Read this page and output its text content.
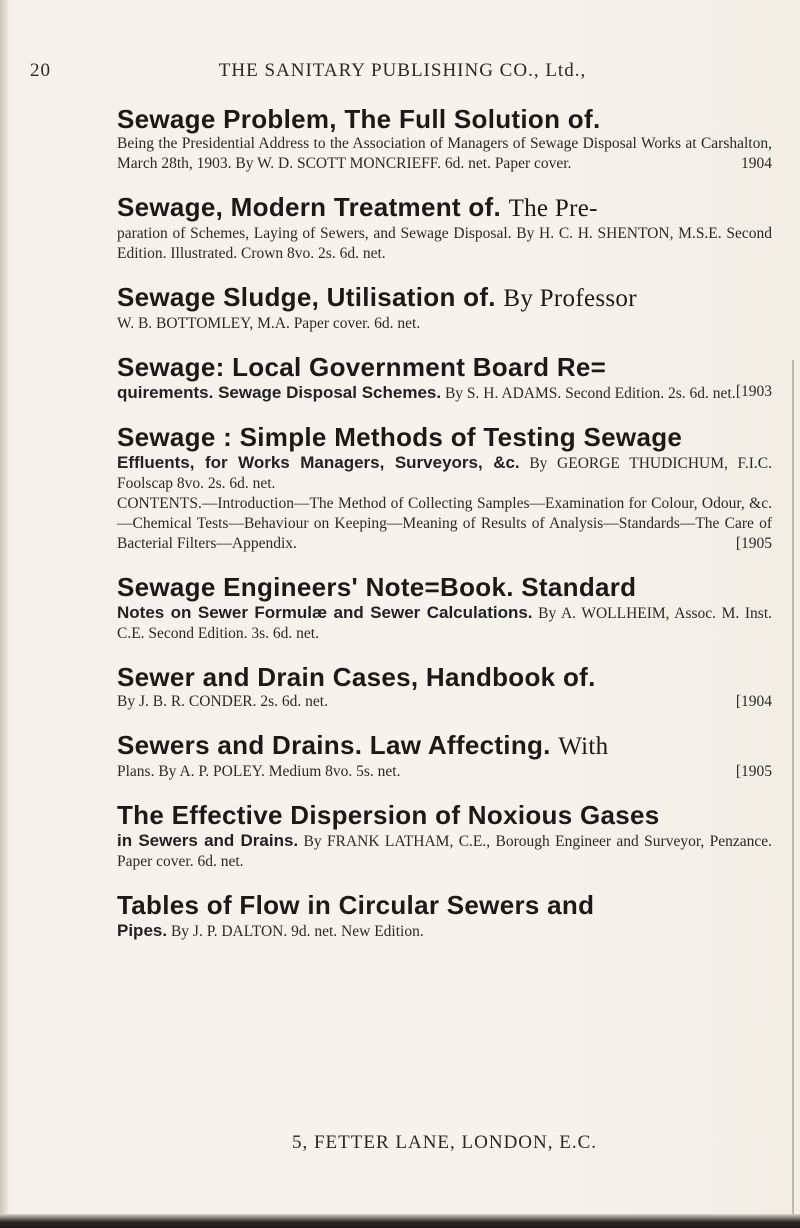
20	THE SANITARY PUBLISHING CO., Ltd.,
Sewage Problem, The Full Solution of.
Being the Presidential Address to the Association of Managers of Sewage Disposal Works at Carshalton, March 28th, 1903. By W. D. SCOTT MONCRIEFF. 6d. net. Paper cover.	1904
Sewage, Modern Treatment of. The Pre-
paration of Schemes, Laying of Sewers, and Sewage Disposal. By H. C. H. SHENTON, M.S.E. Second Edition. Illustrated. Crown 8vo. 2s. 6d. net.
Sewage Sludge, Utilisation of. By Professor
W. B. BOTTOMLEY, M.A. Paper cover. 6d. net.
Sewage: Local Government Board Re=
quirements. Sewage Disposal Schemes. By S. H. ADAMS. Second Edition. 2s. 6d. net. [1903
Sewage : Simple Methods of Testing Sewage
Effluents, for Works Managers, Surveyors, &c. By GEORGE THUDICHUM, F.I.C. Foolscap 8vo. 2s. 6d. net.
CONTENTS.—Introduction—The Method of Collecting Samples—Examination for Colour, Odour, &c.—Chemical Tests—Behaviour on Keeping—Meaning of Results of Analysis—Standards—The Care of Bacterial Filters—Appendix.	[1905
Sewage Engineers' Note=Book. Standard
Notes on Sewer Formulæ and Sewer Calculations. By A. WOLLHEIM, Assoc. M. Inst. C.E. Second Edition. 3s. 6d. net.
Sewer and Drain Cases, Handbook of.
By J. B. R. CONDER. 2s. 6d. net.	[1904
Sewers and Drains. Law Affecting. With
Plans. By A. P. POLEY. Medium 8vo. 5s. net.	[1905
The Effective Dispersion of Noxious Gases
in Sewers and Drains. By FRANK LATHAM, C.E., Borough Engineer and Surveyor, Penzance. Paper cover. 6d. net.
Tables of Flow in Circular Sewers and
Pipes. By J. P. DALTON. 9d. net. New Edition.
5, FETTER LANE, LONDON, E.C.
